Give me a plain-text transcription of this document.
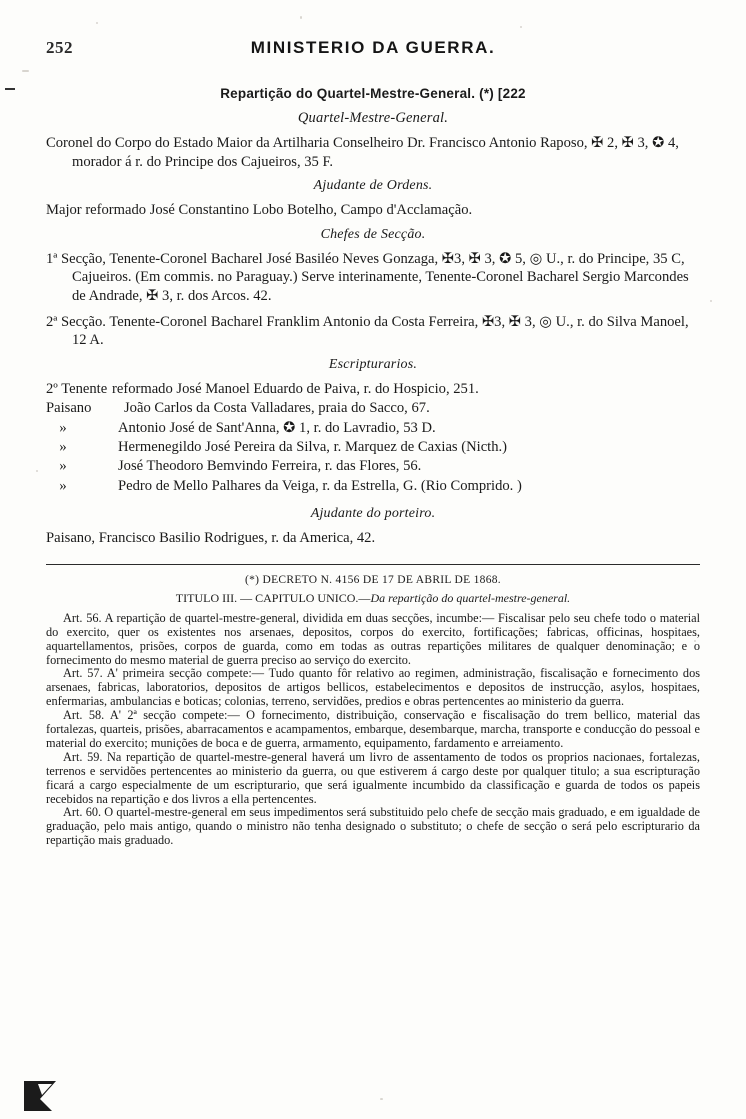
252	MINISTERIO DA GUERRA.
Repartição do Quartel-Mestre-General. (*) [222
Quartel-Mestre-General.
Coronel do Corpo do Estado Maior da Artilharia Conselheiro Dr. Francisco Antonio Raposo, ✠ 2, ✠ 3, ✪ 4, morador á r. do Principe dos Cajueiros, 35 F.
Ajudante de Ordens.
Major reformado José Constantino Lobo Botelho, Campo d'Acclamação.
Chefes de Secção.
1ª Secção, Tenente-Coronel Bacharel José Basiléo Neves Gonzaga, ✠3, ✠ 3, ✪ 5, ◎ U., r. do Principe, 35 C, Cajueiros. (Em commis. no Paraguay.) Serve interinamente, Tenente-Coronel Bacharel Sergio Marcondes de Andrade, ✠ 3, r. dos Arcos. 42.
2ª Secção. Tenente-Coronel Bacharel Franklim Antonio da Costa Ferreira, ✠3, ✠ 3, ◎ U., r. do Silva Manoel, 12 A.
Escripturarios.
2º Tenente reformado José Manoel Eduardo de Paiva, r. do Hospicio, 251.
Paisano João Carlos da Costa Valladares, praia do Sacco, 67.
»	Antonio José de Sant'Anna, ✪ 1, r. do Lavradio, 53 D.
»	Hermenegildo José Pereira da Silva, r. Marquez de Caxias (Nicth.)
»	José Theodoro Bemvindo Ferreira, r. das Flores, 56.
»	Pedro de Mello Palhares da Veiga, r. da Estrella, G. (Rio Comprido. )
Ajudante do porteiro.
Paisano, Francisco Basilio Rodrigues, r. da America, 42.
(*) DECRETO N. 4156 DE 17 DE ABRIL DE 1868.
TITULO III. — CAPITULO UNICO.—Da repartição do quartel-mestre-general.

Art. 56. A repartição de quartel-mestre-general, dividida em duas secções, incumbe:— Fiscalisar pelo seu chefe todo o material do exercito, quer os existentes nos arsenaes, depositos, corpos do exercito, fortificações; fabricas, officinas, hospitaes, aquartellamentos, prisões, corpos de guarda, como em todas as outras repartições militares de qualquer denominação; e o fornecimento do mesmo material de guerra preciso ao serviço do exercito.

Art. 57. A' primeira secção compete:— Tudo quanto fôr relativo ao regimen, administração, fiscalisação e fornecimento dos arsenaes, fabricas, laboratorios, depositos de artigos bellicos, estabelecimentos e depositos de instrucção, asylos, hospitaes, enfermarias, ambulancias e boticas; colonias, terreno, servidões, predios e obras pertencentes ao ministerio da guerra.

Art. 58. A' 2ª secção compete:— O fornecimento, distribuição, conservação e fiscalisação do trem bellico, material das fortalezas, quarteis, prisões, abarracamentos e acampamentos, embarque, desembarque, marcha, transporte e conducção do pessoal e material do exercito; munições de boca e de guerra, armamento, equipamento, fardamento e arreiamento.

Art. 59. Na repartição de quartel-mestre-general haverá um livro de assentamento de todos os proprios nacionaes, fortalezas, terrenos e servidões pertencentes ao ministerio da guerra, ou que estiverem á cargo deste por qualquer titulo; a sua escripturação ficará a cargo especialmente de um escripturario, que será igualmente incumbido da classificação e guarda de todos os papeis recebidos na repartição e dos livros a ella pertencentes.

Art. 60. O quartel-mestre-general em seus impedimentos será substituido pelo chefe de secção mais graduado, e em igualdade de graduação, pelo mais antigo, quando o ministro não tenha designado o substituto; o chefe de secção o será pelo escripturario da repartição mais graduado.
